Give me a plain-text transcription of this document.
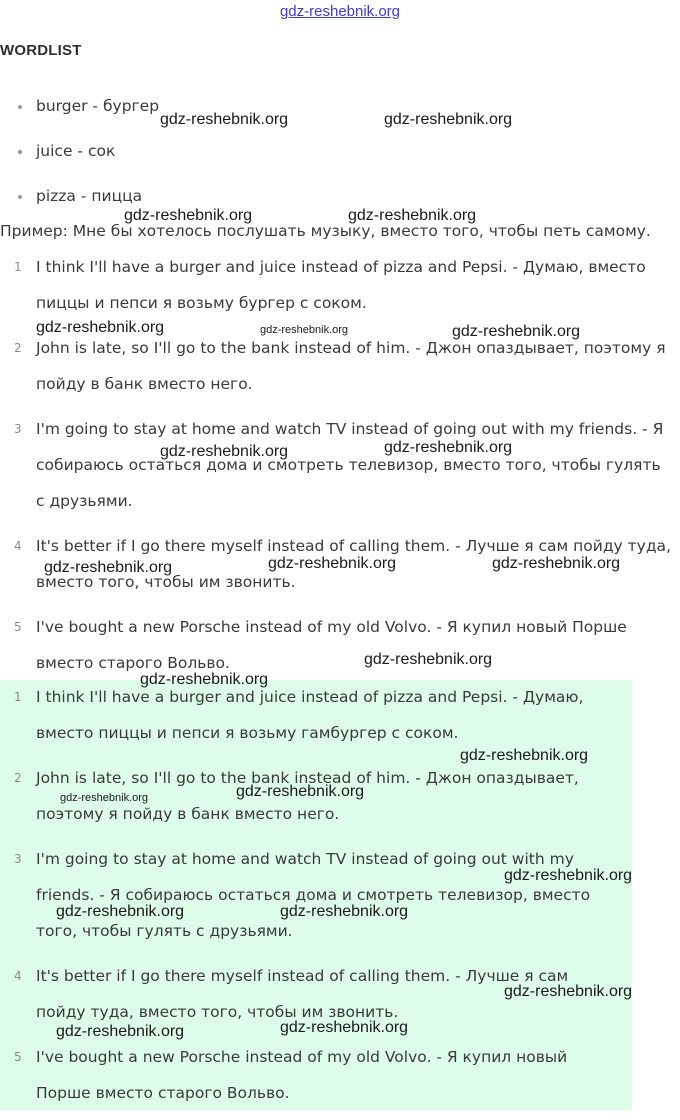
gdz-reshebnik.org
WORDLIST
burger - бургер
juice - сок
pizza - пицца
Пример: Мне бы хотелось послушать музыку, вместо того, чтобы петь самому.
1 I think I'll have a burger and juice instead of pizza and Pepsi. - Думаю, вместо пиццы и пепси я возьму бургер с соком.
2 John is late, so I'll go to the bank instead of him. - Джон опаздывает, поэтому я пойду в банк вместо него.
3 I'm going to stay at home and watch TV instead of going out with my friends. - Я собираюсь остаться дома и смотреть телевизор, вместо того, чтобы гулять с друзьями.
4 It's better if I go there myself instead of calling them. - Лучше я сам пойду туда, вместо того, чтобы им звонить.
5 I've bought a new Porsche instead of my old Volvo. - Я купил новый Порше вместо старого Вольво.
1 I think I'll have a burger and juice instead of pizza and Pepsi. - Думаю, вместо пиццы и пепси я возьму гамбургер с соком.
2 John is late, so I'll go to the bank instead of him. - Джон опаздывает, поэтому я пойду в банк вместо него.
3 I'm going to stay at home and watch TV instead of going out with my friends. - Я собираюсь остаться дома и смотреть телевизор, вместо того, чтобы гулять с друзьями.
4 It's better if I go there myself instead of calling them. - Лучше я сам пойду туда, вместо того, чтобы им звонить.
5 I've bought a new Porsche instead of my old Volvo. - Я купил новый Порше вместо старого Вольво.
gdz-reshebnik.org	gdz-reshebnik.org
gdz-reshebnik.org	gdz-reshebnik.org
gdz-reshebnik.org	gdz-reshebnik.org	gdz-reshebnik.org
gdz-reshebnik.org	gdz-reshebnik.org
gdz-reshebnik.org	gdz-reshebnik.org	gdz-reshebnik.org
gdz-reshebnik.org
gdz-reshebnik.org
gdz-reshebnik.org
gdz-reshebnik.org	gdz-reshebnik.org
gdz-reshebnik.org
gdz-reshebnik.org	gdz-reshebnik.org
gdz-reshebnik.org
gdz-reshebnik.org	gdz-reshebnik.org
